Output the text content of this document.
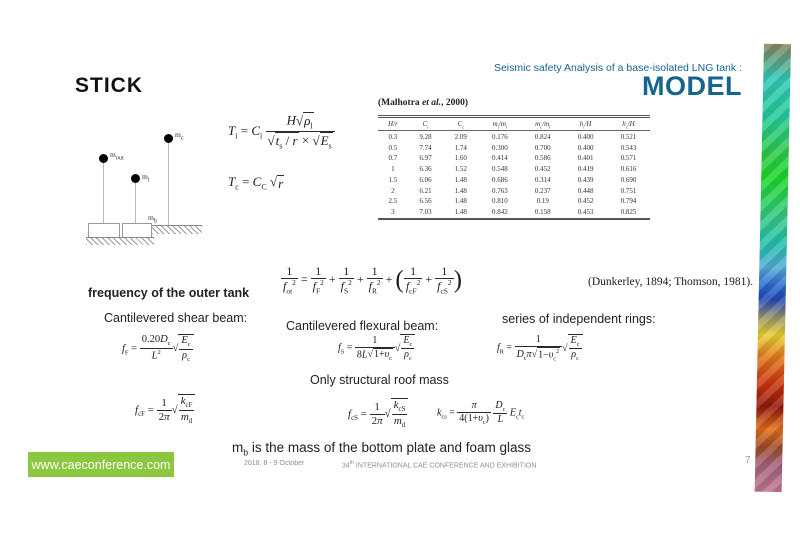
STICK
Seismic safety Analysis of a base-isolated LNG tank :
MODEL
$m_{out}$
$m_i$
$m_c$
$m_b$
$T_i = C_i \frac{H√\rho_l}{√t_s / r \times √E_s}$
$T_c = C_C$ √r
(Malhotra et al., 2000)
H/r	$C_i$	$C_c$	$m_i/m_l$	$m_c/m_l$	$h_i/H$	$h_c/H$
0.3	9.28	2.09	0.176	0.824	0.400	0.521
0.5	7.74	1.74	0.300	0.700	0.400	0.543
0.7	6.97	1.60	0.414	0.586	0.401	0.571
1	6.36	1.52	0.548	0.452	0.419	0.616
1.5	6.06	1.48	0.686	0.314	0.439	0.690
2	6.21	1.48	0.763	0.237	0.448	0.751
2.5	6.56	1.48	0.810	0.19	0.452	0.794
3	7.03	1.48	0.842	0.158	0.453	0.825
$\frac{1}{f_{ot}^2} = \frac{1}{f_F^2} + \frac{1}{f_S^2} + \frac{1}{f_R^2}$ + ( $\frac{1}{f_{cF}^2} + \frac{1}{f_{cS}^2}$ )	(Dunkerley, 1894; Thomson, 1981).
frequency of the outer tank
Cantilevered shear beam:
Cantilevered flexural beam:	series of independent rings:
Only structural roof mass
$f_F = \frac{0.20D_c}{L^2}$ √ $\frac{E_c}{\rho_c}$	$f_S = \frac{1}{8L√1+\upsilon_c}$ √ $\frac{E_c}{\rho_c}$	$f_R = \frac{1}{D_c\pi√1-\upsilon_c^2}$ √ $\frac{E_c}{\rho_c}$
$f_{cF} = \frac{1}{2\pi}$ √ $\frac{k_{cF}}{m_d}$	$f_{cS} = \frac{1}{2\pi}$ √ $\frac{k_{cS}}{m_d}$	$k_{cs} = \frac{\pi}{4(1+\upsilon_c)}$
$\frac{D_c}{L} E_ct_c$
$m_b$ is the mass of the bottom plate and foam glass
www.caeconference.com	2018, 8 - 9 October	34th INTERNATIONAL CAE CONFERENCE AND EXHIBITION	7
